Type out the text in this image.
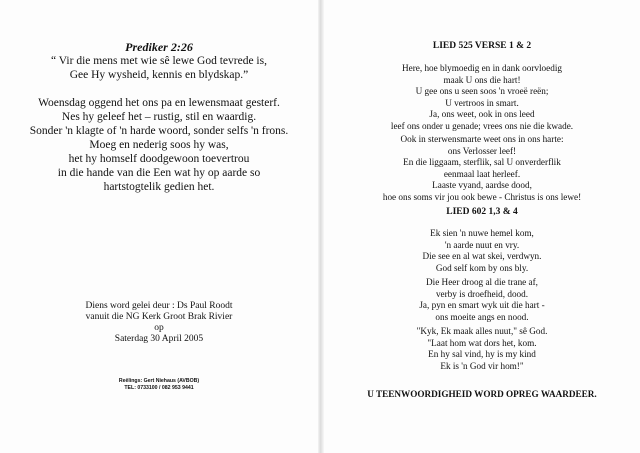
Prediker 2:26
“ Vir die mens met wie sê lewe God tevrede is,
Gee Hy wysheid, kennis en blydskap.”
Woensdag oggend het ons pa en lewensmaat gesterf.
Nes hy geleef het – rustig, stil en waardig.
Sonder 'n klagte of 'n harde woord, sonder selfs 'n frons.
Moeg en nederig soos hy was,
het hy homself doodgewoon toevertrou
in die hande van die Een wat hy op aarde so
hartstogtelik gedien het.
Diens word gelei deur : Ds Paul Roodt
vanuit die NG Kerk Groot Brak Rivier
op
Saterdag 30 April 2005
Reëlings: Gert Niehaus (AVBOB)
TEL: 0733100 / 082 953 9441
LIED 525 VERSE 1 & 2
Here, hoe blymoedig en in dank oorvloedig
maak U ons die hart!
U gee ons u seen soos 'n vroeë reën;
U vertroos in smart.
Ja, ons weet, ook in ons leed
leef ons onder u genade; vrees ons nie die kwade.
Ook in sterwensmarte weet ons in ons harte:
ons Verlosser leef!
En die liggaam, sterflik, sal U onverderflik
eenmaal laat herleef.
Laaste vyand, aardse dood,
hoe ons soms vir jou ook bewe - Christus is ons lewe!
LIED 602 1,3 & 4
Ek sien 'n nuwe hemel kom,
'n aarde nuut en vry.
Die see en al wat skei, verdwyn.
God self kom by ons bly.
Die Heer droog al die trane af,
verby is droefheid, dood.
Ja, pyn en smart wyk uit die hart -
ons moeite angs en nood.
"Kyk, Ek maak alles nuut," sê God.
"Laat hom wat dors het, kom.
En hy sal vind, hy is my kind
Ek is 'n God vir hom!"
U TEENWOORDIGHEID WORD OPREG WAARDEER.
